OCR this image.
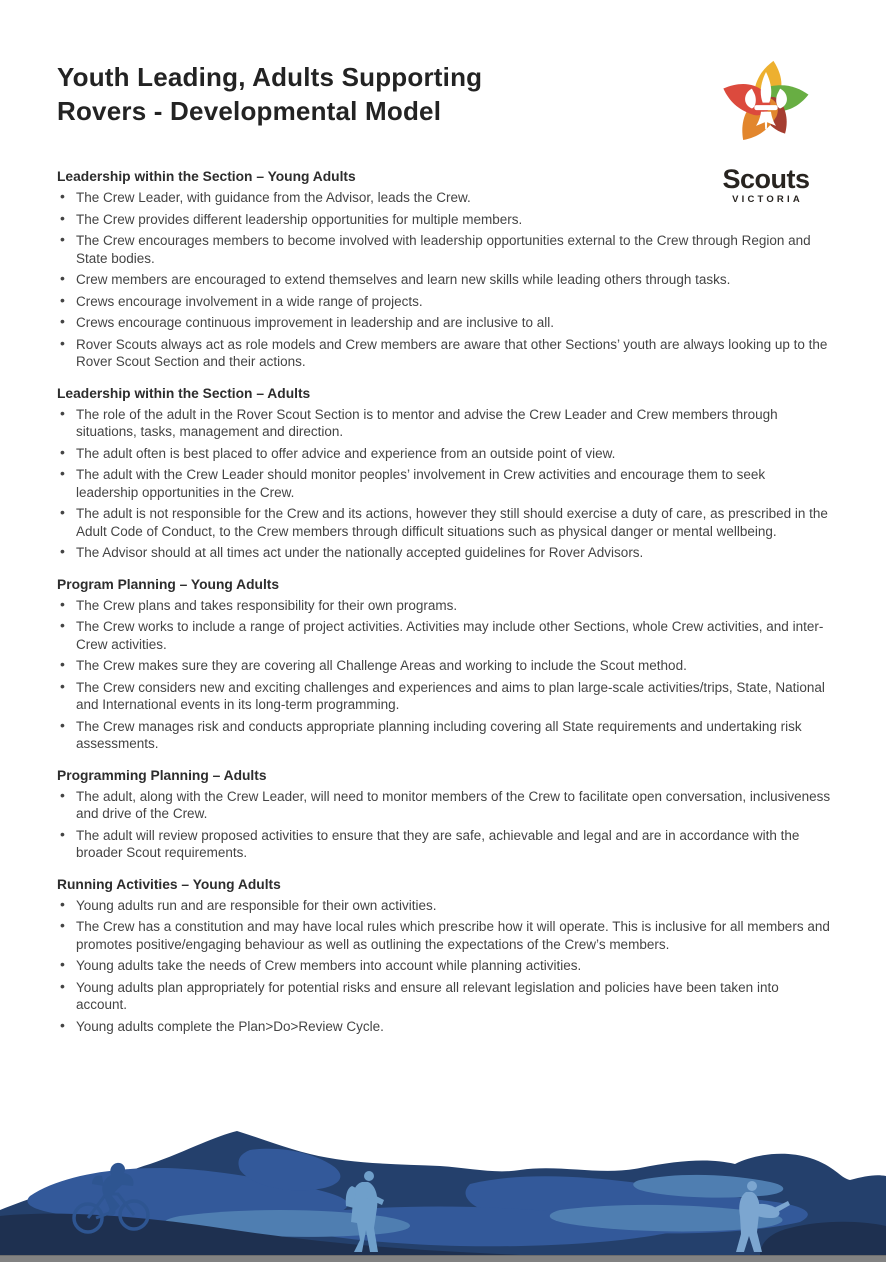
Youth Leading, Adults Supporting
Rovers - Developmental Model
Leadership within the Section – Young Adults
• The Crew Leader, with guidance from the Advisor, leads the Crew.
• The Crew provides different leadership opportunities for multiple members.
• The Crew encourages members to become involved with leadership opportunities external to the Crew through Region and State bodies.
• Crew members are encouraged to extend themselves and learn new skills while leading others through tasks.
• Crews encourage involvement in a wide range of projects.
• Crews encourage continuous improvement in leadership and are inclusive to all.
• Rover Scouts always act as role models and Crew members are aware that other Sections’ youth are always looking up to the Rover Scout Section and their actions.
Leadership within the Section – Adults
• The role of the adult in the Rover Scout Section is to mentor and advise the Crew Leader and Crew members through situations, tasks, management and direction.
• The adult often is best placed to offer advice and experience from an outside point of view.
• The adult with the Crew Leader should monitor peoples’ involvement in Crew activities and encourage them to seek leadership opportunities in the Crew.
• The adult is not responsible for the Crew and its actions, however they still should exercise a duty of care, as prescribed in the Adult Code of Conduct, to the Crew members through difficult situations such as physical danger or mental wellbeing.
• The Advisor should at all times act under the nationally accepted guidelines for Rover Advisors.
Program Planning – Young Adults
• The Crew plans and takes responsibility for their own programs.
• The Crew works to include a range of project activities. Activities may include other Sections, whole Crew activities, and inter-Crew activities.
• The Crew makes sure they are covering all Challenge Areas and working to include the Scout method.
• The Crew considers new and exciting challenges and experiences and aims to plan large-scale activities/trips, State, National and International events in its long-term programming.
• The Crew manages risk and conducts appropriate planning including covering all State requirements and undertaking risk assessments.
Programming Planning – Adults
• The adult, along with the Crew Leader, will need to monitor members of the Crew to facilitate open conversation, inclusiveness and drive of the Crew.
• The adult will review proposed activities to ensure that they are safe, achievable and legal and are in accordance with the broader Scout requirements.
Running Activities – Young Adults
• Young adults run and are responsible for their own activities.
• The Crew has a constitution and may have local rules which prescribe how it will operate. This is inclusive for all members and promotes positive/engaging behaviour as well as outlining the expectations of the Crew’s members.
• Young adults take the needs of Crew members into account while planning activities.
• Young adults plan appropriately for potential risks and ensure all relevant legislation and policies have been taken into account.
• Young adults complete the Plan>Do>Review Cycle.
Scouts
VICTORIA
